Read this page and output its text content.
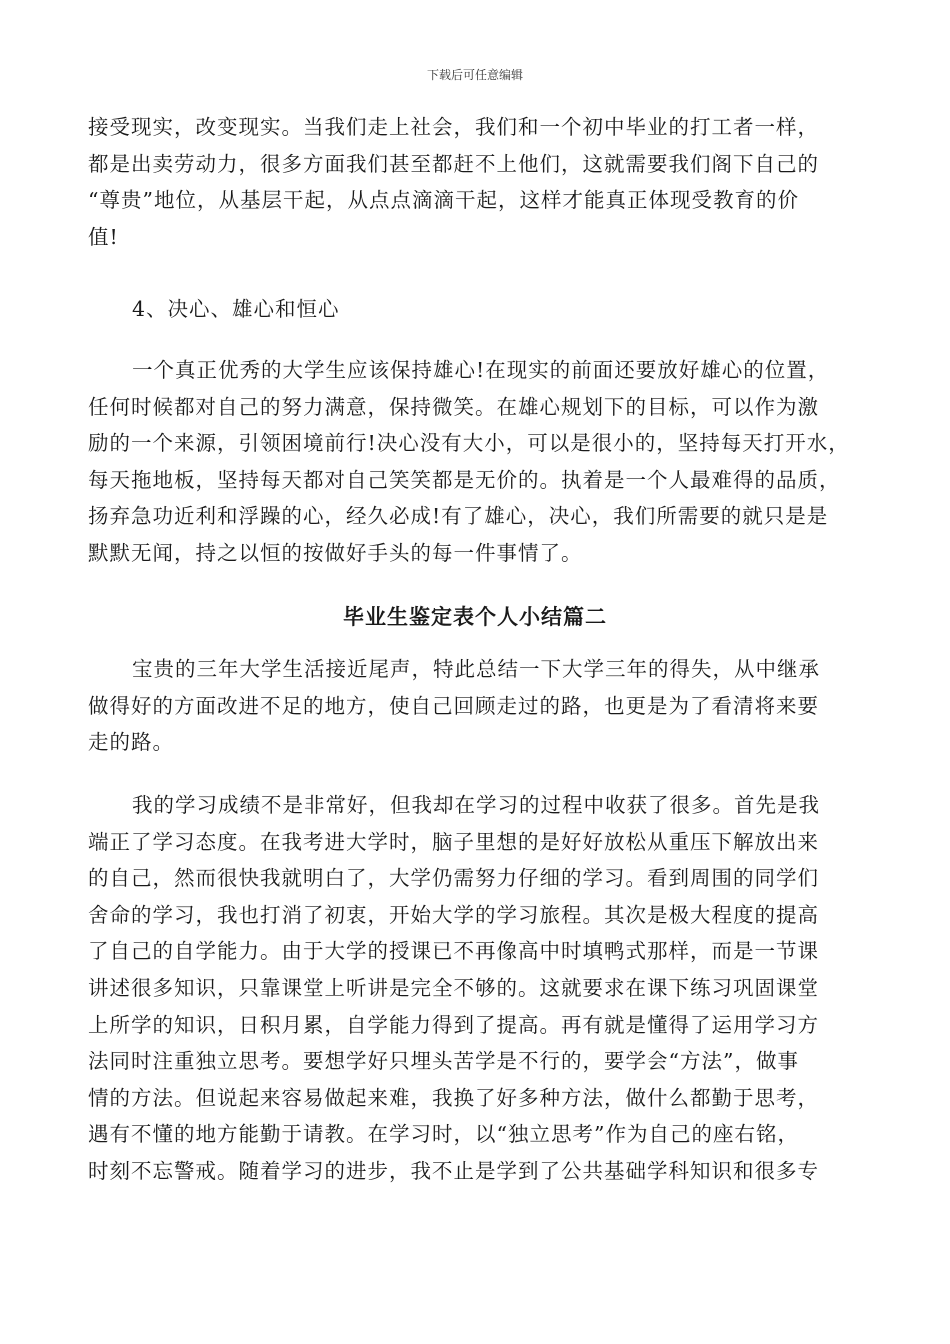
下载后可任意编辑
接受现实，改变现实。当我们走上社会，我们和一个初中毕业的打工者一样，
都是出卖劳动力，很多方面我们甚至都赶不上他们，这就需要我们阁下自己的
“尊贵”地位，从基层干起，从点点滴滴干起，这样才能真正体现受教育的价
值!
4、决心、雄心和恒心
一个真正优秀的大学生应该保持雄心!在现实的前面还要放好雄心的位置，
任何时候都对自己的努力满意，保持微笑。在雄心规划下的目标，可以作为激
励的一个来源，引领困境前行!决心没有大小，可以是很小的，坚持每天打开水，
每天拖地板，坚持每天都对自己笑笑都是无价的。执着是一个人最难得的品质，
扬弃急功近利和浮躁的心，经久必成!有了雄心，决心，我们所需要的就只是是
默默无闻，持之以恒的按做好手头的每一件事情了。
毕业生鉴定表个人小结篇二
宝贵的三年大学生活接近尾声，特此总结一下大学三年的得失，从中继承
做得好的方面改进不足的地方，使自己回顾走过的路，也更是为了看清将来要
走的路。
我的学习成绩不是非常好，但我却在学习的过程中收获了很多。首先是我
端正了学习态度。在我考进大学时，脑子里想的是好好放松从重压下解放出来
的自己，然而很快我就明白了，大学仍需努力仔细的学习。看到周围的同学们
舍命的学习，我也打消了初衷，开始大学的学习旅程。其次是极大程度的提高
了自己的自学能力。由于大学的授课已不再像高中时填鸭式那样，而是一节课
讲述很多知识，只靠课堂上听讲是完全不够的。这就要求在课下练习巩固课堂
上所学的知识，日积月累，自学能力得到了提高。再有就是懂得了运用学习方
法同时注重独立思考。要想学好只埋头苦学是不行的，要学会“方法”，做事
情的方法。但说起来容易做起来难，我换了好多种方法，做什么都勤于思考，
遇有不懂的地方能勤于请教。在学习时，以“独立思考”作为自己的座右铭，
时刻不忘警戒。随着学习的进步，我不止是学到了公共基础学科知识和很多专
